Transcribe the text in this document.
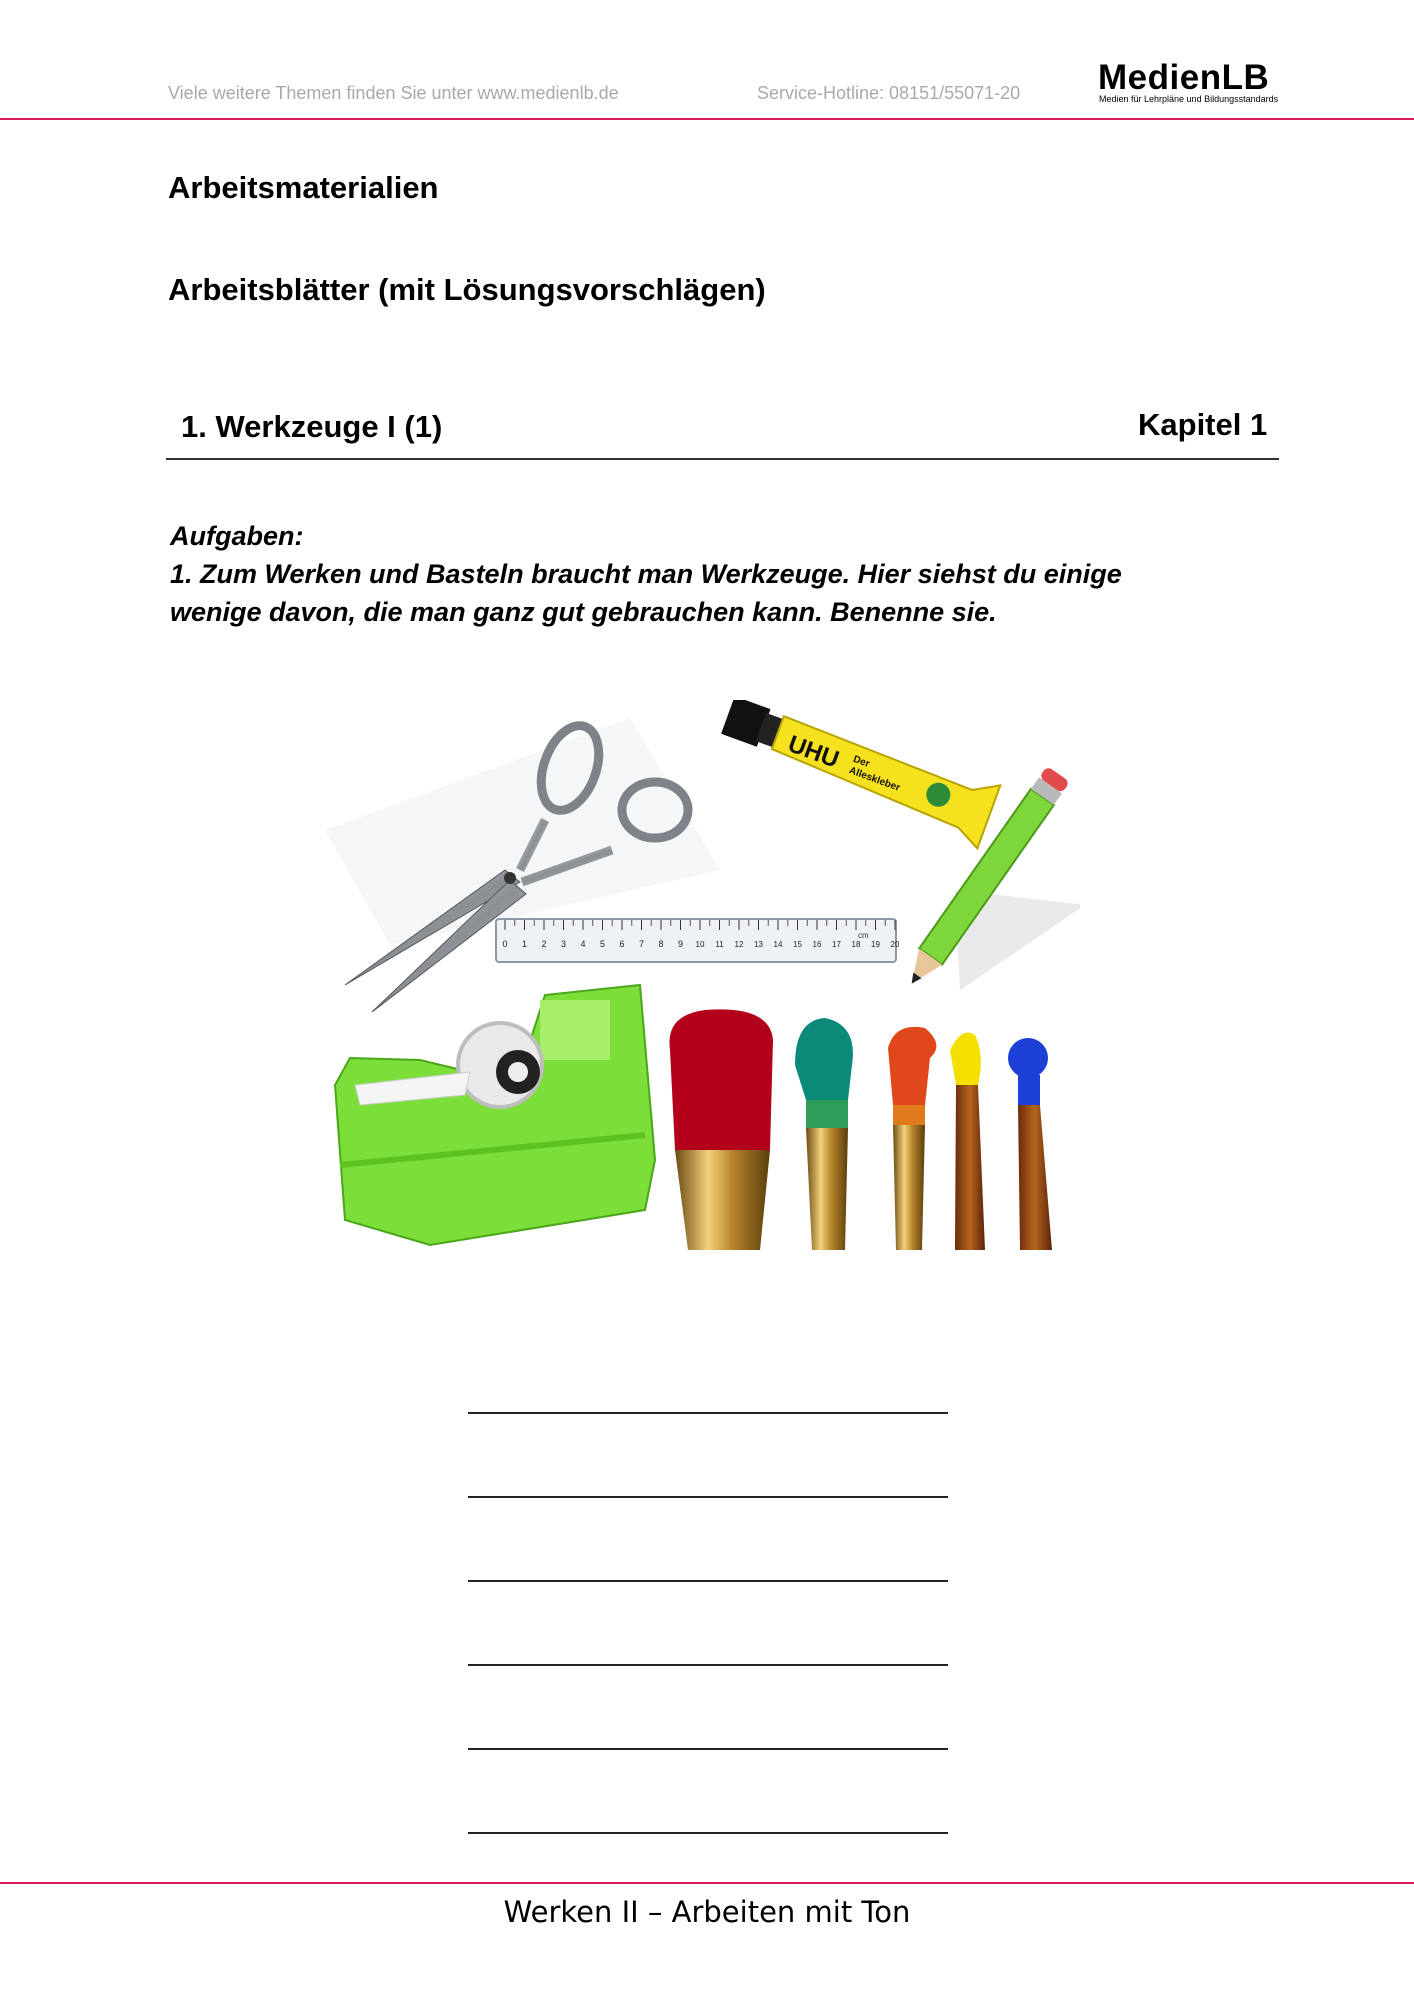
Viele weitere Themen finden Sie unter www.medienlb.de	Service-Hotline: 08151/55071-20 MedienLB
Medien für Lehrpläne und Bildungsstandards
Arbeitsmaterialien
Arbeitsblätter (mit Lösungsvorschlägen)
1. Werkzeuge I (1)	Kapitel 1
Aufgaben:
1. Zum Werken und Basteln braucht man Werkzeuge. Hier siehst du einige
wenige davon, die man ganz gut gebrauchen kann. Benenne sie.
UHU Der
Alleskleber
0 1 2 3 4 5 6 7 8 9 10 11 12 13 14 15 16 17 18 19 20
cm
Werken II – Arbeiten mit Ton
